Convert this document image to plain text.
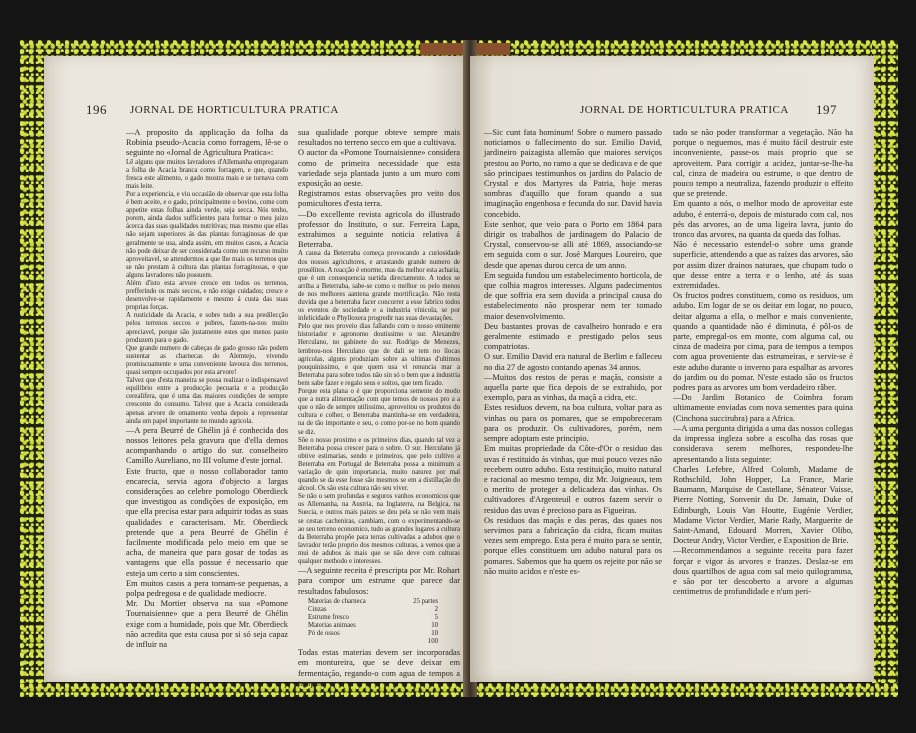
196 JORNAL DE HORTICULTURA PRATICA

—A proposito da applicação da folha da Robinia pseudo-Acacia como forragem, lê-se o seguinte no «Jornal de Agricultura Pratica»:

Lê alguns que muitos lavradores d'Allemanha empregaram a folha de Acacia branca como forragem, e que, quando fresca este alimento, o gado mostra mais e se tornava com mais leite.

Por a experiencia, e viu occasião de observar que esta folha é bem aceite, e o gado, principalmente o bovino, come com appetite estas folhas ainda verde, seja secca. Nós tenho, porem, ainda dados sufficientes para formar o meu juizo ácerca das suas qualidades nutritivas; mas mesmo que ellas não sejam superiores ás das plantas forraginosas de que geralmente se usa, ainda assim, em muitos casos, a Acacia não pode deixar de ser considerada como um recurso muito aproveitavel, se attendermos a que lhe mais os terrenos que se não prestam á cultura das plantas forraginosas, e que alguns lavradores não possuem.

Além d'isto esta arvore cresce em todos os terrenos, prefferindo os mais seccos, e não exige cuidados; cresce e desenvolve-se rapidamente e mesmo á custa das suas proprias forças.

A rusticidade da Acacia, e sobre tudo a sua predilecção pelos terrenos seccos e pobres, fazem-na-nos muito apreciavel, porque são justamente estes que menos pasto produzem para o gado.

Que grande numero de cabeças de gado grosso não podem sustentar as charnecas do Alemtejo, vivendo promiscuamente e uma conveniente lavoura dos terrenos, quasi sempre occupados por esta arvore!

Talvez que d'esta maneira se possa realizar o indispensavel equilibrio entre a producção pecuaria e a producção cerealifera, que é uma das maiores condições de sempre crescente do consumo. Talvez que a Acacia considerada apenas arvore de ornamento venha depois a representar ainda um papel importante no mundo agricola.

—A pera Beurré de Ghélin já é conhecida dos nossos leitores pela gravura que d'ella demos acompanhando o artigo do sur. conselheiro Camillo Aureliano, no III volume d'este jornal.

Este fructo, que o nosso collaborador tanto encarecia, servia agora d'objecto a largas considerações ao celebre pomologo Oberdieck que investigou as condições de exposição, em que ella precisa estar para adquirir todas as suas qualidades e caracterisam. Mr. Oberdieck pretende que a pera Beurré de Ghélin é facilmente modificada pelo meio em que se acha, de maneira que para gosar de todas as vantagens que ella possue é necessario que esteja um certo a sim conscientes.

Em muitos casos a pera tornam-se pequenas, a polpa pedregosa e de qualidade mediocre.

Mr. Du Mortier observa na sua «Pomone Tournaisienne» que a pera Beurré de Ghélin exige com a humidade, pois que Mr. Oberdieck não acredita que esta causa por si só seja capaz de influir na

sua qualidade porque obteve sempre mais resultados no terreno secco em que a cultivava.

O auctor da «Pomone Tournaisienne» considera como de primeira necessidade que esta variedade seja plantada junto a um muro com exposição ao oeste.

Registramos estas observações pro veito dos pomicultores d'esta terra.

—Do excellente revista agricola do illustrado professor do Instituto, o sur. Ferreira Lapa, extrahimos a seguinte noticia relativa á Beterraba.

A causa da Beterraba começa provocando a curiosidade dos nossos agricultores, e arrastando grande numero de prosélitos. A reacção é enorme, mas da melhor esta acharia, que é um consequencia surtida directamente. A todos se arriba a Beterraba, sabe-se como o melhor os pelo menos de nos melhores aantena grande mortificação. Não resta duvida que a beterraba facer concorrer a esse fabrico todos os eventos de sociedade e a industria vinicola, se por infelicidade o Phylloxera progredir nas suas devastações.

Pelo que nos proveio dias fallando com o nosso eminente historiador e agronomo doutissimo o sur. Alexandre Herculano, no gabinete do sur. Rodrigo de Menezes, lembrou-nos Herculano que de dali se tem no ilocas agricolas, alguns produziam sobre as ultimas d'ultimos pouquinissimo, e que quem usa vi renuncia mar a Beterraba para sobre todos não sin só o bem que a industria bem sabe fazer e regalo seus e soltos, que tem ficado.

Porque esta plana o é que proporciona semente do modo que a nutra alimentação com que temos de nossos pro a a que o não de sempre utilissimo, aproveitou os produtos do cultura e colher, o Beterraba mantinha-se em verdadeira, na de tão importante e seu, o como por-se no bom quando se diz.

Sôe o nosso proximo e os primeiros dias, quando tal vez a Beterraba possa crescer para o sobre. O sur. Herculano já obtive estimarias, sendo e primeiros, que pelo cultivo a Beterraba em Portugal de Beterraba possa a minimum a variação de quin importancia, muito naturez por mal quando se da esse fosse são mesmos se em a distillação do alcool. Os são esta cultura não seu viver.

Se não o sem profundas e seguros vanhos economicos que os Allemanha, na Austria, na Inglaterra, na Belgica, na Suecia, e outros mais paizes se deu pela se não vem mais se cestas cacheniras, cambiam, com o experimentando-se ao seu terreno economico, tudo as grandes lugares a cultura da Beterraba propõe para terras cultivadas a adubos que o lavrador terão proprio dos mesmos culturas, a vemos que a mui de adubos ás mais que se não deve com culturas qualquer methodo e interesses.

—A seguinte receita é prescripta por Mr. Rohart para compor um estrume que parece dar resultados fabulosos:

Materias de charneca	25 partes
Cinzas	2
Estrume fresco	5
Materias animaes	10
Pó de ossos	10
100

Todas estas materias devem ser incorporadas em montureira, que se deve deixar em fermentação, regando-o com agua de tempos a tempos.

JORNAL DE HORTICULTURA PRATICA 197

—Sic cunt fata hominum! Sobre o numero passado noticiamos o fallecimento do sur. Emilio David, jardineiro paizagista allemão que maiores serviços prestou ao Porto, no ramo a que se dedicava e de que são principaes testimunhos os jardins do Palacio de Crystal e dos Martyres da Patria, hoje meras sombras d'aquillo que foram quando a sua imaginação engenhosa e fecunda do sur. David havia concebido.

Este senhor, que veio para o Porto em 1864 para dirigir os trabalhos de jardinagem do Palacio de Crystal, conservou-se alli até 1869, associando-se em seguida com o sur. José Marques Loureiro, que desde que apenas durou cerca de um anno.

Em seguida fundou um estabelecimento horticola, de que colhia magros interesses. Alguns padecimentos de que soffria era sem duvida a principal causa do estabelecimento não prosperar nem ter tomado maior desenvolvimento.

Deu bastantes provas de cavalheiro honrado e era geralmente estimado e prestigado pelos seus compatriotas.

O sur. Emilio David era natural de Berlim e falleceu no dia 27 de agosto contando apenas 34 annos.

—Muitos dos restos de peras e maçãs, consiste a aquella parte que fica depois de se extrahido, por exemplo, para as vinhas, da maçã a cidra, etc.

Estes residuos devem, na boa cultura, voltar para as vinhas ou para os pomares, que se empobreceram para os produzir. Os cultivadores, porém, nem sempre adoptam este principio.

Em muitas propriedade da Côte-d'Or o residuo das uvas é restituido ás vinhas, que mui pouco vezes não recebem outro adubo. Esta restituição, muito natural e racional ao mesmo tempo, diz Mr. Joigneaux, tem o merito de proteger a delicadeza das vinhas. Os cultivadores d'Argenteuil e outros fazem servir o residuo das uvas é precioso para as Figueiras.

Os residuos das maçãs e das peras, das quaes nos servimos para a fabricação da cidra, ficam muitas vezes sem emprego. Esta pera é muito para se sentir, porque elles constituem um adubo natural para os pomares. Sabemos que ha quem os rejeite por não se não muito acidos e n'este es-

tado se não poder transformar a vegetação. Não ha porque o neguemos, mas é muito fácil destruir este inconveniente, passe-os mais proprio que se aproveitem. Para corrigir a acidez, juntar-se-lhe-ha cal, cinza de madeira ou estrume, o que dentro de pouco tempo a neutraliza, fazendo produzir o effeito que se pretende.

Em quanto a nós, o melhor modo de aproveitar este adubo, é enterrá-o, depois de misturado com cal, nos pés das arvores, ao de uma ligeira lavra, junto do tronco das arvores, na quanta da queda das folhas.

Não é necessario estendel-o sobre uma grande superficie, attendendo a que as raízes das arvores, são por assim dizer drainos naturaes, que chupam tudo o que desse entre a terra e o lenho, até ás suas extremidades.

Os fructos podres constituem, como os residuos, um adubo. Em logar de se os deitar em logar, no pouco, deitar alguma a ella, o melhor e mais conveniente, quando a quantidade não é diminuta, é pôl-os de parte, empregal-os em monte, com alguma cal, ou cinza de madeira por cima, para de tempos a tempos com agua proveniente das estrumeiras, e servir-se é este adubo durante o inverno para espalhar as arvores do jardim ou do pomar. N'este estado são os fructos podres para as arvores um bom verdadeiro râber.

—Do Jardim Botanico de Coimbra foram ultimamente enviadas com nova sementes para quina (Cinchona succirubra) para a Africa.

—A uma pergunta dirigida a uma das nossos collegas da impressa ingleza sobre a escolha das rosas que considerava serem melhores, respondeu-lhe apresentando a lista seguinte:

Charles Lefebre, Alfred Colomb, Madame de Rothschild, John Hopper, La France, Marie Baumann, Marquise de Castellane, Sénateur Vaisse, Pierre Notting, Sonvenir du Dr. Jamain, Duke of Edinburgh, Louis Van Houtte, Eugénie Verdier, Madame Victor Verdier, Marie Rady, Marguerite de Saint-Amand, Edouard Morren, Xavier Olibo, Docteur Andry, Victor Verdier, e Exposition de Brie.

—Recommendamos a seguinte receita para fazer forçar e vigor ás arvores e franzes. Deslaz-se em dous quartilhos de agua com sal meio quilogramma, e são por ter descoberto a arvore a algumas centimetros de profundidade e n'um peri-
